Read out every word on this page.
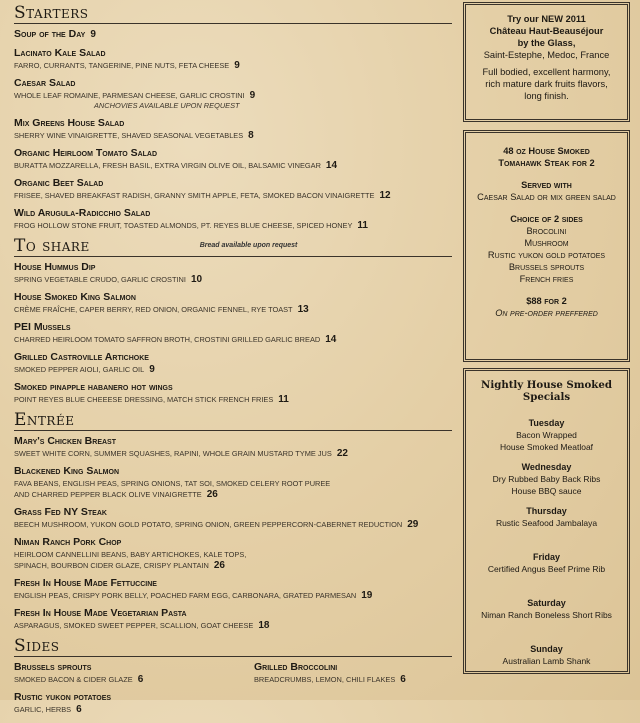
Starters
Soup of the Day 9
Lacinato Kale Salad
FARRO, CURRANTS, TANGERINE, PINE NUTS, FETA CHEESE 9
Caesar Salad
WHOLE LEAF ROMAINE, PARMESAN CHEESE, GARLIC CROSTINI 9
ANCHOVIES AVAILABLE UPON REQUEST
Mix Greens House Salad
SHERRY WINE VINAIGRETTE, SHAVED SEASONAL VEGETABLES 8
Organic Heirloom Tomato Salad
BURATTA MOZZARELLA, FRESH BASIL, EXTRA VIRGIN OLIVE OIL, BALSAMIC VINEGAR 14
Organic Beet Salad
FRISEE, SHAVED BREAKFAST RADISH, GRANNY SMITH APPLE, FETA, SMOKED BACON VINAIGRETTE 12
Wild Arugula-Radicchio Salad
FROG HOLLOW STONE FRUIT, TOASTED ALMONDS, PT. REYES BLUE CHEESE, SPICED HONEY 11
To share	Bread available upon request
House Hummus Dip
SPRING VEGETABLE CRUDO, GARLIC CROSTINI 10
House Smoked King Salmon
CRÈME FRAÎCHE, CAPER BERRY, RED ONION, ORGANIC FENNEL, RYE TOAST 13
PEI Mussels
CHARRED HEIRLOOM TOMATO SAFFRON BROTH, CROSTINI GRILLED GARLIC BREAD 14
Grilled Castroville Artichoke
SMOKED PEPPER AIOLI, GARLIC OIL 9
Smoked pinapple habanero hot wings
POINT REYES BLUE CHEEESE DRESSING, MATCH STICK FRENCH FRIES 11
Entrée
Mary's Chicken Breast
SWEET WHITE CORN, SUMMER SQUASHES, RAPINI, WHOLE GRAIN MUSTARD TYME JUS 22
Blackened King Salmon
FAVA BEANS, ENGLISH PEAS, SPRING ONIONS, TAT SOI, SMOKED CELERY ROOT PUREE
AND CHARRED PEPPER BLACK OLIVE VINAIGRETTE 26
Grass Fed NY Steak
BEECH MUSHROOM, YUKON GOLD POTATO, SPRING ONION, GREEN PEPPERCORN-CABERNET REDUCTION 29
Niman Ranch Pork Chop
HEIRLOOM CANNELLINI BEANS, BABY ARTICHOKES, KALE TOPS,
SPINACH, BOURBON CIDER GLAZE, CRISPY PLANTAIN 26
Fresh In House Made Fettuccine
ENGLISH PEAS, CRISPY PORK BELLY, POACHED FARM EGG, CARBONARA, GRATED PARMESAN 19
Fresh In House Made Vegetarian Pasta
ASPARAGUS, SMOKED SWEET PEPPER, SCALLION, GOAT CHEESE 18
Sides
Brussels sprouts
SMOKED BACON & CIDER GLAZE 6
Grilled Broccolini
BREADCRUMBS, LEMON, CHILI FLAKES 6
Rustic yukon potatoes
GARLIC, HERBS 6
Try our NEW 2011
Château Haut-Beauséjour
by the Glass,
Saint-Estephe, Medoc, France
Full bodied, excellent harmony,
rich mature dark fruits flavors,
long finish.
48 oz House Smoked
Tomahawk Steak for 2
Served with
Caesar Salad or mix green salad
Choice of 2 sides
Brocolini
Mushroom
Rustic yukon gold potatoes
Brussels sprouts
French fries
$88 for 2
On pre-order preffered
Nightly House Smoked Specials
Tuesday
Bacon Wrapped
House Smoked Meatloaf
Wednesday
Dry Rubbed Baby Back Ribs
House BBQ sauce
Thursday
Rustic Seafood Jambalaya
Friday
Certified Angus Beef Prime Rib
Saturday
Niman Ranch Boneless Short Ribs
Sunday
Australian Lamb Shank
